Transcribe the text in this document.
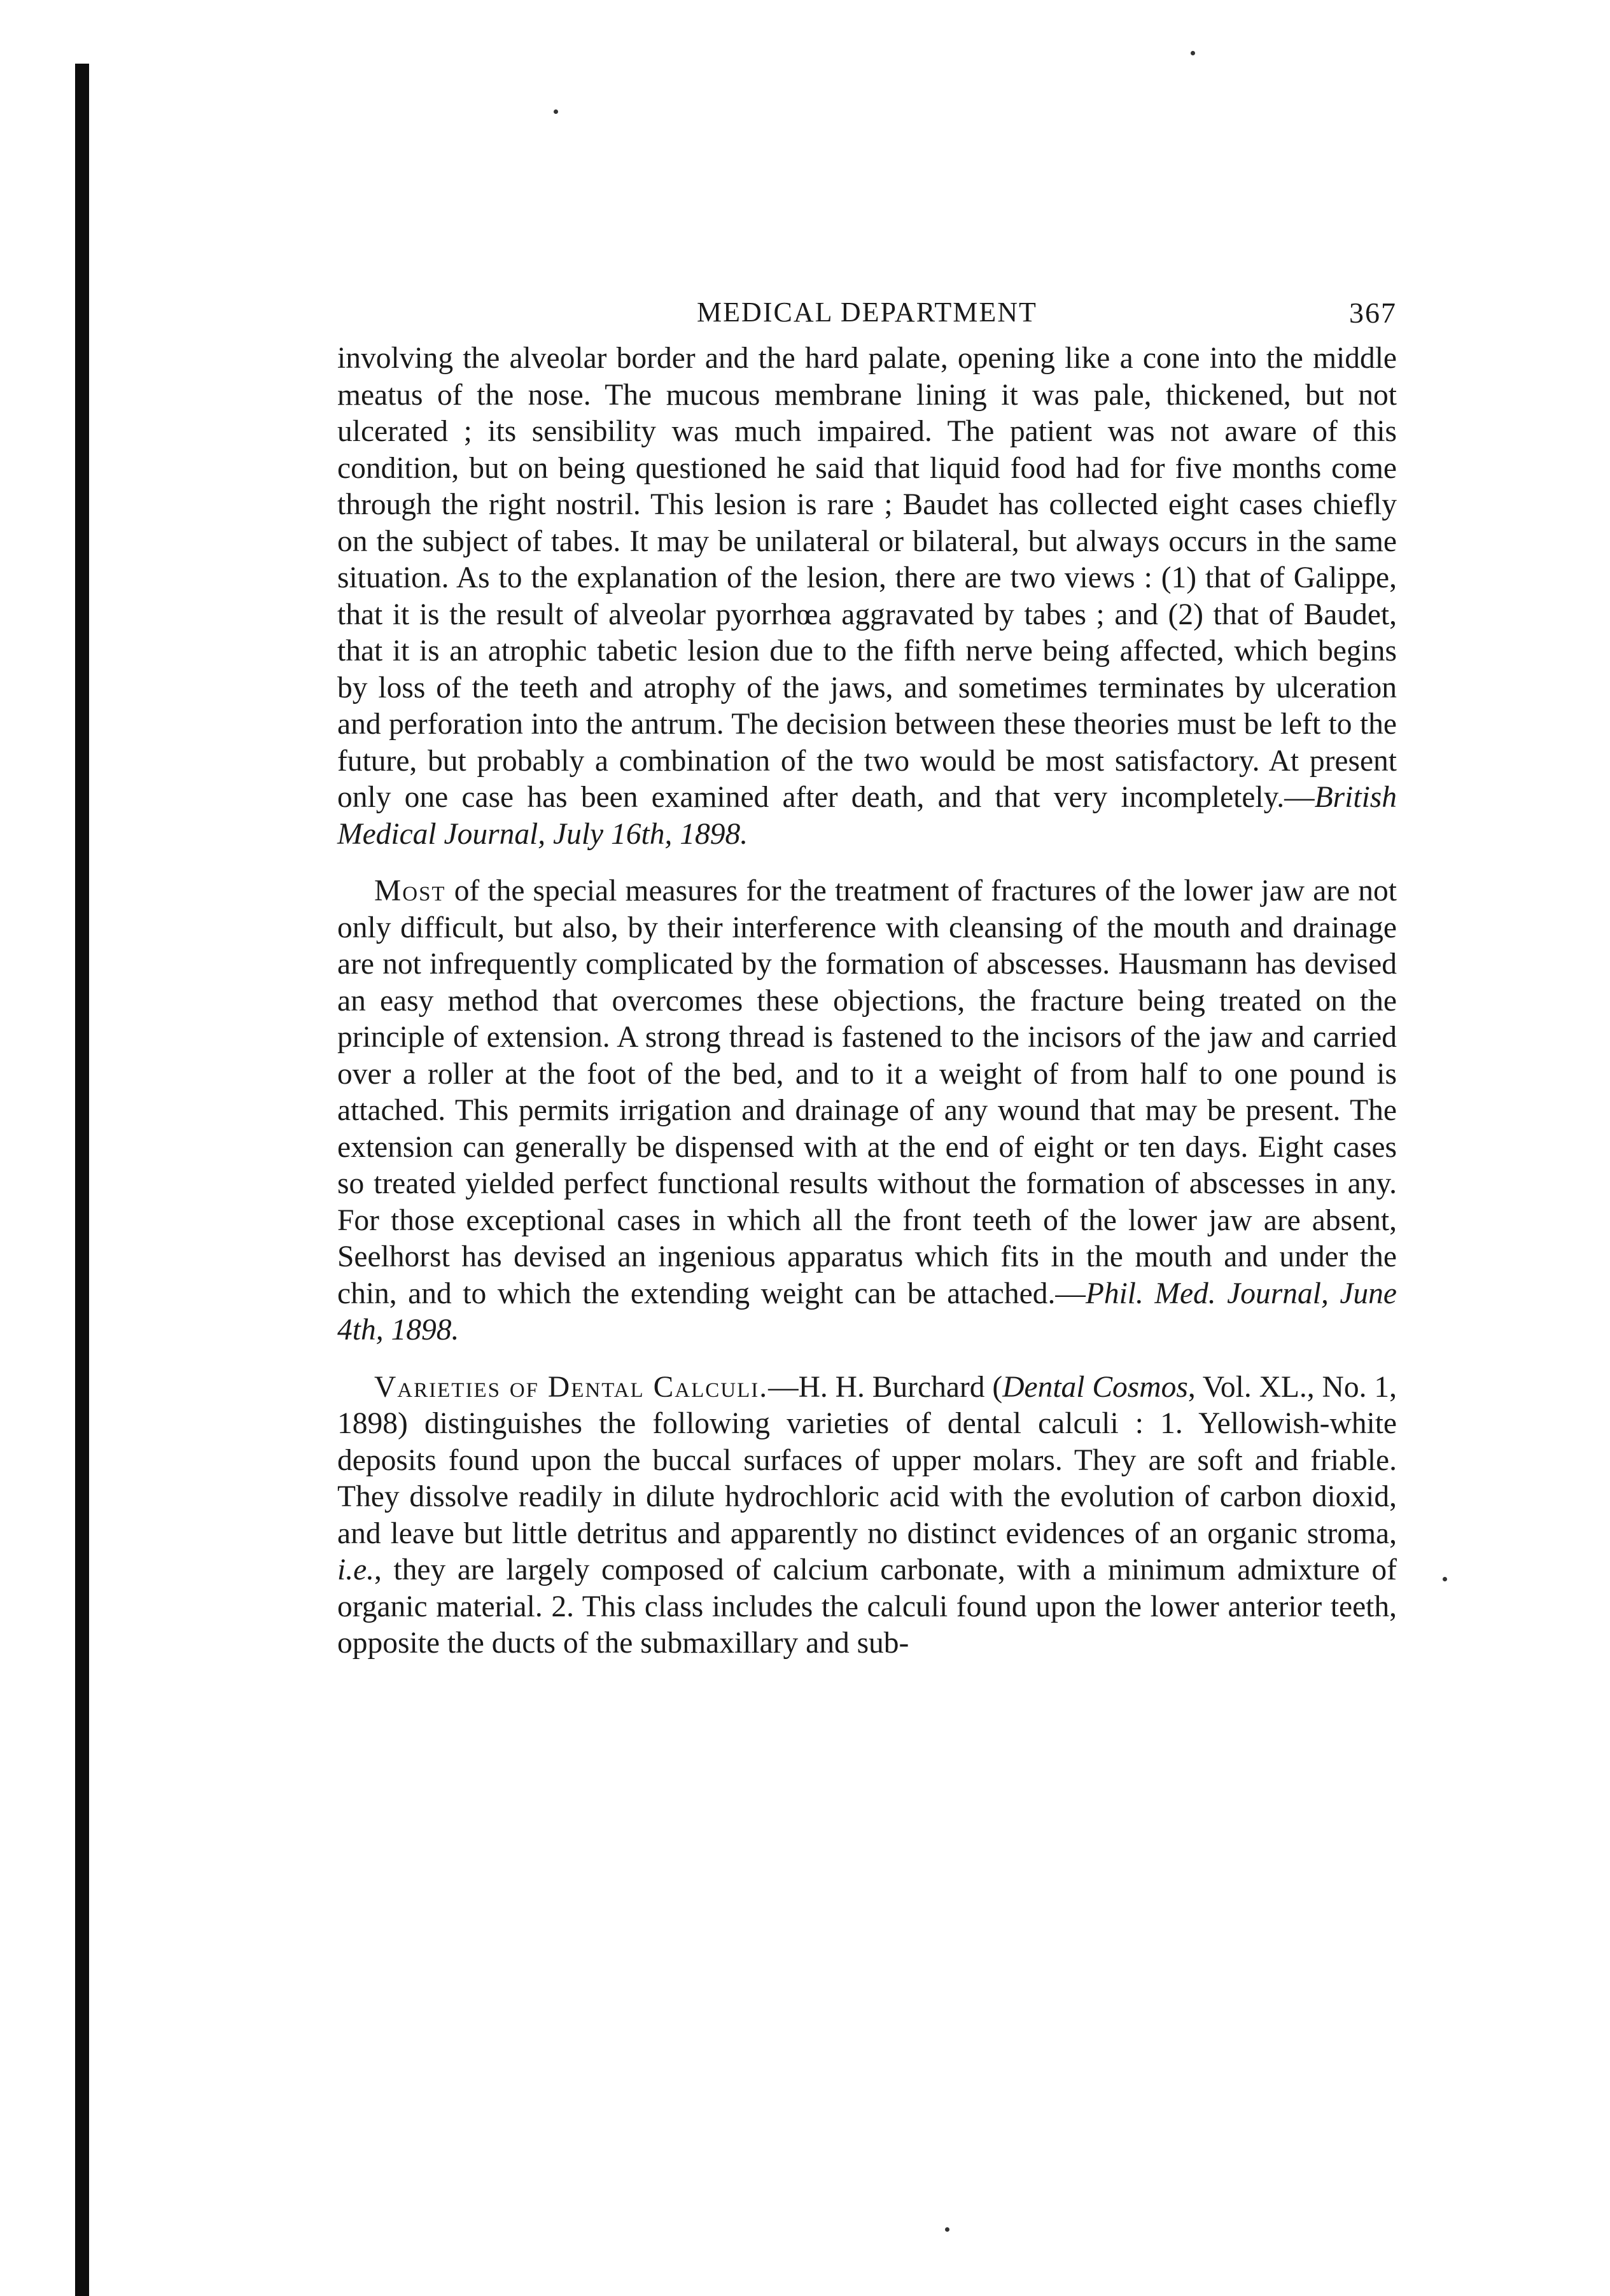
MEDICAL DEPARTMENT	367

involving the alveolar border and the hard palate, opening like a cone into the middle meatus of the nose. The mucous membrane lining it was pale, thickened, but not ulcerated ; its sensibility was much impaired. The patient was not aware of this condition, but on being questioned he said that liquid food had for five months come through the right nostril. This lesion is rare ; Baudet has collected eight cases chiefly on the subject of tabes. It may be unilateral or bilateral, but always occurs in the same situation. As to the explanation of the lesion, there are two views : (1) that of Galippe, that it is the result of alveolar pyorrhœa aggravated by tabes ; and (2) that of Baudet, that it is an atrophic tabetic lesion due to the fifth nerve being affected, which begins by loss of the teeth and atrophy of the jaws, and sometimes terminates by ulceration and perforation into the antrum. The decision between these theories must be left to the future, but probably a combination of the two would be most satisfactory. At present only one case has been examined after death, and that very incompletely.—British Medical Journal, July 16th, 1898.

Most of the special measures for the treatment of fractures of the lower jaw are not only difficult, but also, by their interference with cleansing of the mouth and drainage are not infrequently complicated by the formation of abscesses. Hausmann has devised an easy method that overcomes these objections, the fracture being treated on the principle of extension. A strong thread is fastened to the incisors of the jaw and carried over a roller at the foot of the bed, and to it a weight of from half to one pound is attached. This permits irrigation and drainage of any wound that may be present. The extension can generally be dispensed with at the end of eight or ten days. Eight cases so treated yielded perfect functional results without the formation of abscesses in any. For those exceptional cases in which all the front teeth of the lower jaw are absent, Seelhorst has devised an ingenious apparatus which fits in the mouth and under the chin, and to which the extending weight can be attached.—Phil. Med. Journal, June 4th, 1898.

Varieties of Dental Calculi.—H. H. Burchard (Dental Cosmos, Vol. XL., No. 1, 1898) distinguishes the following varieties of dental calculi : 1. Yellowish-white deposits found upon the buccal surfaces of upper molars. They are soft and friable. They dissolve readily in dilute hydrochloric acid with the evolution of carbon dioxid, and leave but little detritus and apparently no distinct evidences of an organic stroma, i.e., they are largely composed of calcium carbonate, with a minimum admixture of organic material. 2. This class includes the calculi found upon the lower anterior teeth, opposite the ducts of the submaxillary and sub-
